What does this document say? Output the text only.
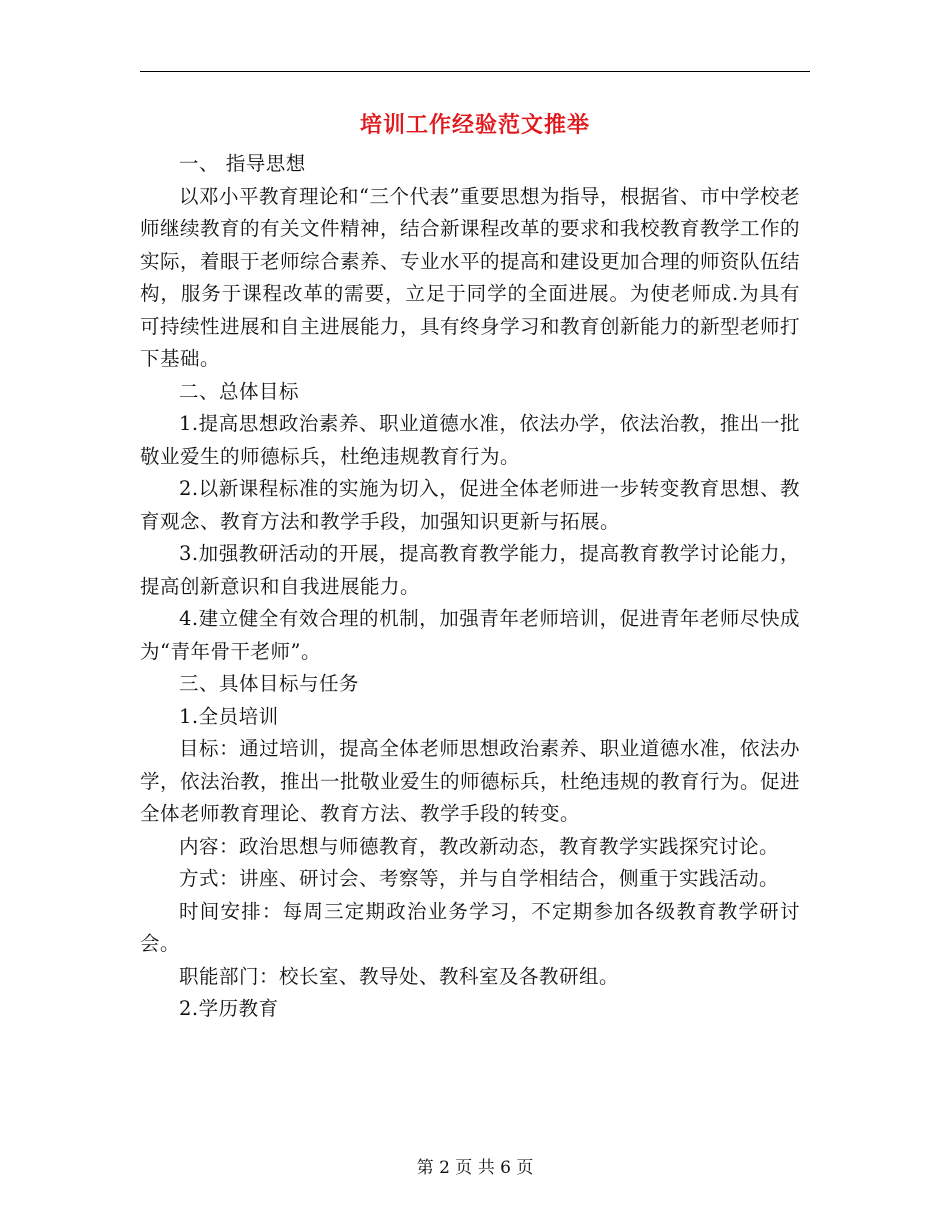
培训工作经验范文推举

一、 指导思想

以邓小平教育理论和“三个代表”重要思想为指导，根据省、市中学校老师继续教育的有关文件精神，结合新课程改革的要求和我校教育教学工作的实际，着眼于老师综合素养、专业水平的提高和建设更加合理的师资队伍结构，服务于课程改革的需要，立足于同学的全面进展。为使老师成.为具有可持续性进展和自主进展能力，具有终身学习和教育创新能力的新型老师打下基础。

二、总体目标

1.提高思想政治素养、职业道德水准，依法办学，依法治教，推出一批敬业爱生的师德标兵，杜绝违规教育行为。

2.以新课程标准的实施为切入，促进全体老师进一步转变教育思想、教育观念、教育方法和教学手段，加强知识更新与拓展。

3.加强教研活动的开展，提高教育教学能力，提高教育教学讨论能力，提高创新意识和自我进展能力。

4.建立健全有效合理的机制，加强青年老师培训，促进青年老师尽快成为“青年骨干老师”。

三、具体目标与任务

1.全员培训

目标：通过培训，提高全体老师思想政治素养、职业道德水准，依法办学，依法治教，推出一批敬业爱生的师德标兵，杜绝违规的教育行为。促进全体老师教育理论、教育方法、教学手段的转变。

内容：政治思想与师德教育，教改新动态，教育教学实践探究讨论。

方式：讲座、研讨会、考察等，并与自学相结合，侧重于实践活动。

时间安排：每周三定期政治业务学习，不定期参加各级教育教学研讨会。

职能部门：校长室、教导处、教科室及各教研组。

2.学历教育

第 2 页 共 6 页
